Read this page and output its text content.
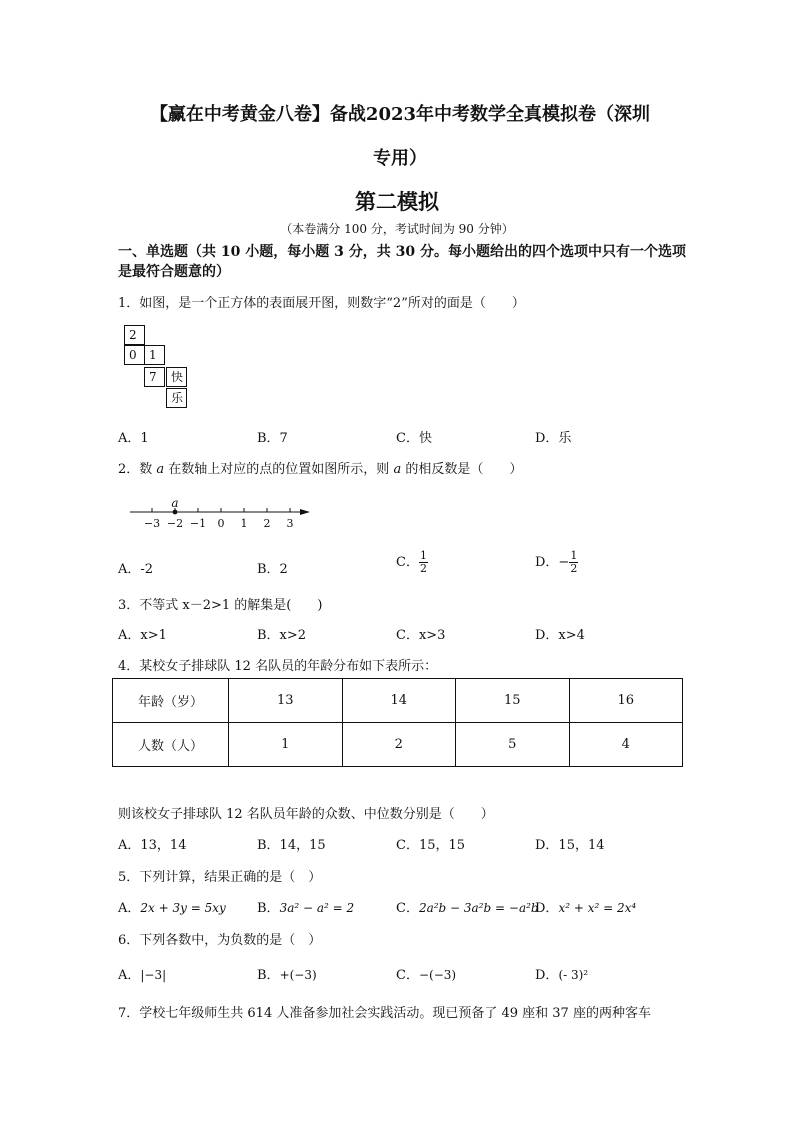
【赢在中考黄金八卷】备战2023年中考数学全真模拟卷（深圳
专用）
第二模拟
（本卷满分 100 分，考试时间为 90 分钟）
一、单选题（共 10 小题，每小题 3 分，共 30 分。每小题给出的四个选项中只有一个选项是最符合题意的）
1．如图，是一个正方体的表面展开图，则数字“2”所对的面是（　　）
2
0	1
7	快
乐
A．1	B．7	C．快	D．乐
2．数 a 在数轴上对应的点的位置如图所示，则 a 的相反数是（　　）
−3 −2 −1 0 1 2 3
a
A．-2	B．2	C． $\frac{1}{2}$	D．− $\frac{1}{2}$
3．不等式 x－2>1 的解集是(　　)
A．x>1	B．x>2	C．x>3	D．x>4
4．某校女子排球队 12 名队员的年龄分布如下表所示：
年龄（岁）	13	14	15	16
人数（人）	1	2	5	4
则该校女子排球队 12 名队员年龄的众数、中位数分别是（　　）
A．13，14	B．14，15	C．15，15	D．15，14
5．下列计算，结果正确的是（　）
A．2x + 3y = 5xy B．3a² − a² = 2	C．2a²b − 3a²b = −a²b
D．x² + x² = 2x⁴
6．下列各数中，为负数的是（　）
A．|−3|	B．+(−3)	C．−(−3)	D．(- 3)²
7．学校七年级师生共 614 人准备参加社会实践活动。现已预备了 49 座和 37 座的两种客车
